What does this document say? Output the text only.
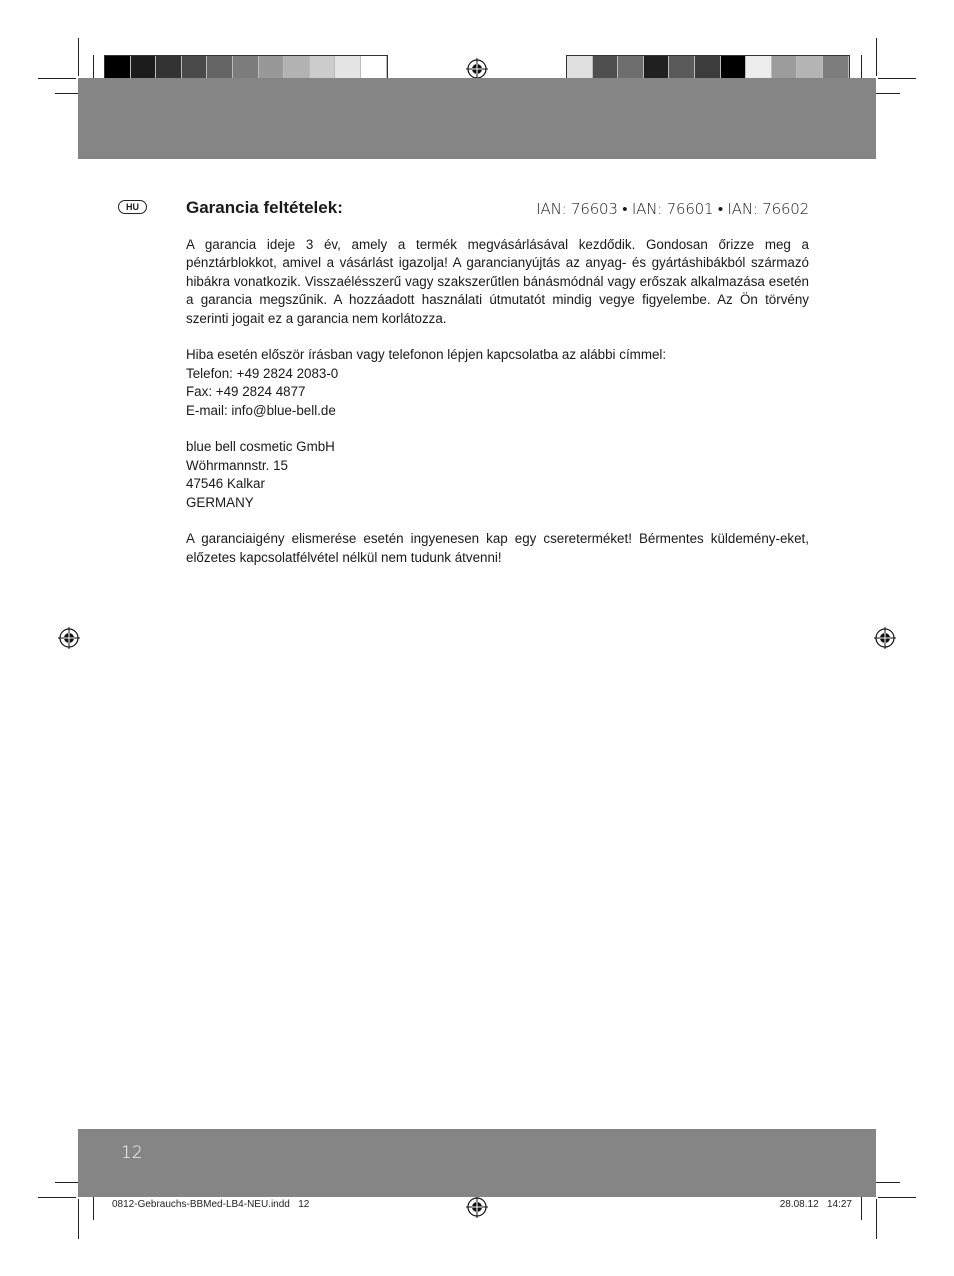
HU	Garancia feltételek:	IAN: 76603 • IAN: 76601 • IAN: 76602

A garancia ideje 3 év, amely a termék megvásárlásával kezdődik. Gondosan őrizze meg a pénztárblokkot, amivel a vásárlást igazolja! A garancianyújtás az anyag- és gyártáshibákból származó hibákra vonatkozik. Visszaélésszerű vagy szakszerűtlen bánásmódnál vagy erőszak alkalmazása esetén a garancia megszűnik. A hozzáadott használati útmutatót mindig vegye figyelembe. Az Ön törvény szerinti jogait ez a garancia nem korlátozza.

Hiba esetén először írásban vagy telefonon lépjen kapcsolatba az alábbi címmel:
Telefon: +49 2824 2083-0
Fax: +49 2824 4877
E-mail: info@blue-bell.de

blue bell cosmetic GmbH
Wöhrmannstr. 15
47546 Kalkar
GERMANY

A garanciaigény elismerése esetén ingyenesen kap egy csereterméket! Bérmentes küldemény-eket, előzetes kapcsolatfélvétel nélkül nem tudunk átvenni!

12
0812-Gebrauchs-BBMed-LB4-NEU.indd   12	28.08.12   14:27
